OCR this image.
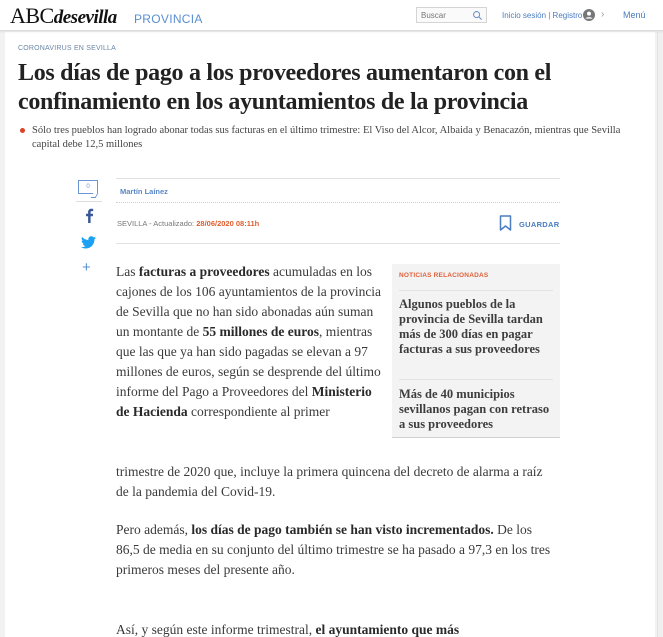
ABCdesevilla PROVINCIA
Buscar	Inicio sesión | Registro › Menú
CORONAVIRUS EN SEVILLA
Los días de pago a los proveedores aumentaron con el confinamiento en los ayuntamientos de la provincia

Sólo tres pueblos han logrado abonar todas sus facturas en el último trimestre: El Viso del Alcor, Albaida y Benacazón, mientras que Sevilla capital debe 12,5 millones

0
+
Martín Laínez
SEVILLA - Actualizado: 28/06/2020 08:11h	GUARDAR

Las facturas a proveedores acumuladas en los cajones de los 106 ayuntamientos de la provincia de Sevilla que no han sido abonadas aún suman un montante de 55 millones de euros, mientras que las que ya han sido pagadas se elevan a 97 millones de euros, según se desprende del último informe del Pago a Proveedores del Ministerio de Hacienda correspondiente al primer

trimestre de 2020 que, incluye la primera quincena del decreto de alarma a raíz de la pandemia del Covid-19.

Pero además, los días de pago también se han visto incrementados. De los 86,5 de media en su conjunto del último trimestre se ha pasado a 97,3 en los tres primeros meses del presente año.

Así, y según este informe trimestral, el ayuntamiento que más

NOTICIAS RELACIONADAS
Algunos pueblos de la provincia de Sevilla tardan más de 300 días en pagar facturas a sus proveedores
Más de 40 municipios sevillanos pagan con retraso a sus proveedores
